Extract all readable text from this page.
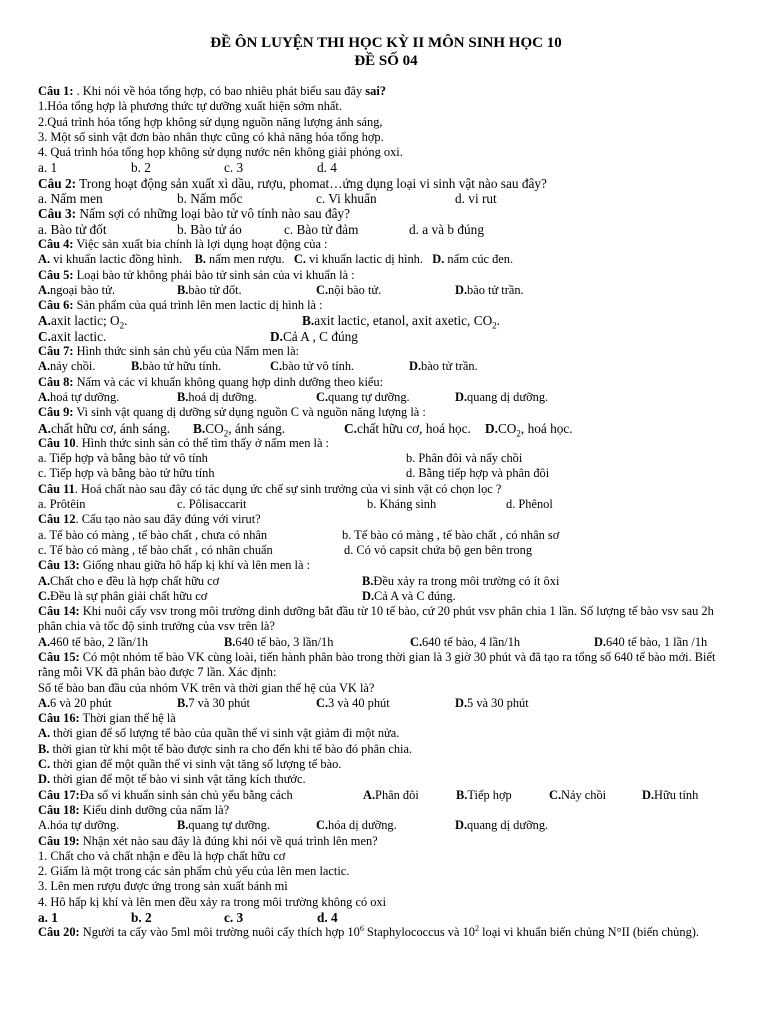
ĐỀ ÔN LUYỆN THI HỌC KỲ II MÔN SINH HỌC 10
ĐỀ SỐ 04
Câu 1: . Khi nói về hóa tổng hợp, có bao nhiêu phát biểu sau đây sai?
1.Hóa tổng hợp là phương thức tự dưỡng xuất hiện sớm nhất.
2.Quá trình hóa tổng hợp không sử dụng nguồn năng lượng ánh sáng,
3. Một số sinh vật đơn bào nhân thực cũng có khả năng hóa tổng hợp.
4. Quá trình hóa tổng họp không sử dụng nước nên không giải phóng oxi.
a. 1	b. 2	c. 3	d. 4
Câu 2: Trong hoạt động sản xuất xì dầu, rượu, phomat…ứng dụng loại vi sinh vật nào sau đây?
a. Nấm men	b. Nấm mốc	c. Vi khuẩn	d. vi rut
Câu 3: Nấm sợi có những loại bào tử vô tính nào sau đây?
a. Bào tử đốt	b. Bào tử áo	c. Bào tử đảm	d. a và b đúng
Câu 4: Việc sản xuất bia chính là lợi dụng hoạt động của :
A. vi khuẩn lactic đồng hình. B. nấm men rượu. C. vi khuẩn lactic dị hình. D. nấm cúc đen.
Câu 5: Loại bào tử không phải bào tử sinh sản của vi khuẩn là :
A.ngoại bào tử.	B.bào tử đốt.	C.nội bào tử.	D.bào tử trần.
Câu 6: Sản phẩm của quá trình lên men lactic dị hình là :
A.axit lactic; $O_2$.	B.axit lactic, etanol, axit axetic, $CO_2$.
C.axit lactic.	D.Cả A , C đúng
Câu 7: Hình thức sinh sản chủ yếu của Nấm men là:
A.nảy chồi.	B.bào tử hữu tính.	C.bào tử vô tính.	D.bào tử trần.
Câu 8: Nấm và các vi khuẩn không quang hợp dinh dưỡng theo kiểu:
A.hoá tự dưỡng.	B.hoá dị dưỡng.	C.quang tự dưỡng.	D.quang dị dưỡng.
Câu 9: Vi sinh vật quang dị dưỡng sử dụng nguồn C và nguồn năng lượng là :
A.chất hữu cơ, ánh sáng.	$B.CO_2$, ánh sáng.	C.chất hữu cơ, hoá học.	$D.CO_2$, hoá học.
Câu 10. Hình thức sinh sản có thể tìm thấy ở nấm men là :
a. Tiếp hợp và bằng bào tử vô tính	b. Phân đôi và nẩy chồi
c. Tiếp hợp và bằng bào tử hữu tính	d. Bằng tiếp hợp và phân đôi
Câu 11. Hoá chất nào sau đây có tác dụng ức chế sự sinh trưởng của vi sinh vật có chọn lọc ?
a. Prôtêin	c. Pôlisaccarit	b. Kháng sinh	d. Phênol
Câu 12. Cấu tạo nào sau đây đúng với virut?
a. Tế bào có màng , tế bào chất , chưa có nhân	b. Tế bào có màng , tế bào chất , có nhân sơ
c. Tế bào có màng , tế bào chất , có nhân chuẩn	d. Có vỏ capsit chứa bộ gen bên trong
Câu 13: Giống nhau giữa hô hấp kị khí và lên men là :
A.Chất cho e đều là hợp chất hữu cơ	B.Đều xảy ra trong môi trường có ít ôxi
C.Đều là sự phân giải chất hữu cơ	D.Cả A và C đúng.
Câu 14: Khi nuôi cấy vsv trong môi trường dinh dưỡng bắt đầu từ 10 tế bào, cứ 20 phút vsv phân chia 1 lần. Số lượng tế bào vsv sau 2h phân chia và tốc độ sinh trưởng của vsv trên là?
A.460 tế bào, 2 lần/1h	B.640 tế bào, 3 lần/1h	C.640 tế bào, 4 lần/1h	D.640 tế bào, 1 lần /1h
Câu 15: Có một nhóm tế bào VK cùng loài, tiến hành phân bào trong thời gian là 3 giờ 30 phút và đã tạo ra tổng số 640 tế bào mới. Biết rằng mỗi VK đã phân bào được 7 lần. Xác định:
Số tế bào ban đầu của nhóm VK trên và thời gian thế hệ của VK là?
A.6 và 20 phút	B.7 và 30 phút	C.3 và 40 phút	D.5 và 30 phút
Câu 16: Thời gian thế hệ là
A. thời gian để số lượng tế bào của quần thể vi sinh vật giảm đi một nửa.
B. thời gian từ khi một tế bào được sinh ra cho đến khi tế bào đó phân chia.
C. thời gian để một quần thể vi sinh vật tăng số lượng tế bào.
D. thời gian để một tế bào vi sinh vật tăng kích thước.
Câu 17:Đa số vi khuẩn sinh sản chủ yếu bằng cách	A.Phân đôi	B.Tiếp hợp	C.Nảy chồi	D.Hữu tính
Câu 18: Kiểu dinh dưỡng của nấm là?
A.hóa tự dưỡng.	B.quang tự dưỡng.	C.hóa dị dưỡng.	D.quang dị dưỡng.
Câu 19: Nhận xét nào sau đây là đúng khi nói về quá trình lên men?
1. Chất cho và chất nhận e đều là hợp chất hữu cơ
2. Giấm là một trong các sản phẩm chủ yếu của lên men lactic.
3. Lên men rượu được ứng trong sản xuất bánh mì
4. Hô hấp kị khí và lên men đều xảy ra trong môi trường không có oxi
a. 1	b. 2	c. 3	d. 4
Câu 20: Người ta cấy vào 5ml môi trường nuôi cấy thích hợp $10^6$ Staphylococcus và $10^2$ loại vi khuẩn biến chủng N°II (biến chủng).
